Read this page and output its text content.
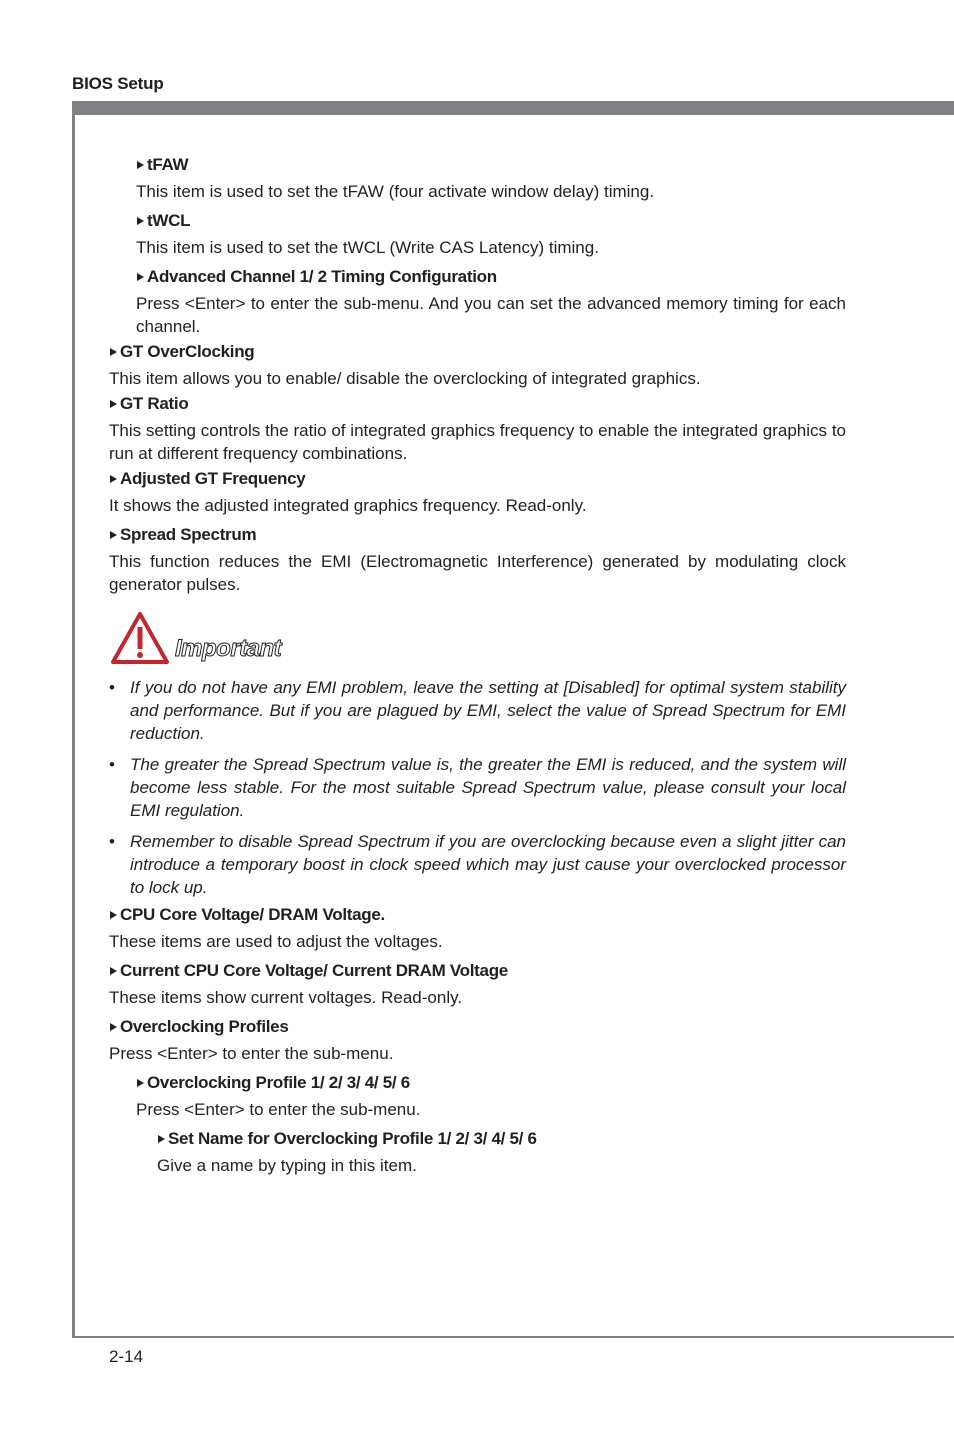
BIOS Setup
tFAW
This item is used to set the tFAW (four activate window delay) timing.
tWCL
This item is used to set the tWCL (Write CAS Latency) timing.
Advanced Channel 1/ 2 Timing Configuration
Press <Enter> to enter the sub-menu. And you can set the advanced memory timing for each channel.
GT OverClocking
This item allows you to enable/ disable the overclocking of integrated graphics.
GT Ratio
This setting controls the ratio of integrated graphics frequency to enable the integrated graphics to run at different frequency combinations.
Adjusted GT Frequency
It shows the adjusted integrated graphics frequency. Read-only.
Spread Spectrum
This function reduces the EMI (Electromagnetic Interference) generated by modulating clock generator pulses.
Important
• If you do not have any EMI problem, leave the setting at [Disabled] for optimal system stability and performance. But if you are plagued by EMI, select the value of Spread Spectrum for EMI reduction.
• The greater the Spread Spectrum value is, the greater the EMI is reduced, and the system will become less stable. For the most suitable Spread Spectrum value, please consult your local EMI regulation.
• Remember to disable Spread Spectrum if you are overclocking because even a slight jitter can introduce a temporary boost in clock speed which may just cause your overclocked processor to lock up.
CPU Core Voltage/ DRAM Voltage.
These items are used to adjust the voltages.
Current CPU Core Voltage/ Current DRAM Voltage
These items show current voltages. Read-only.
Overclocking Profiles
Press <Enter> to enter the sub-menu.
Overclocking Profile 1/ 2/ 3/ 4/ 5/ 6
Press <Enter> to enter the sub-menu.
Set Name for Overclocking Profile 1/ 2/ 3/ 4/ 5/ 6
Give a name by typing in this item.
2-14
